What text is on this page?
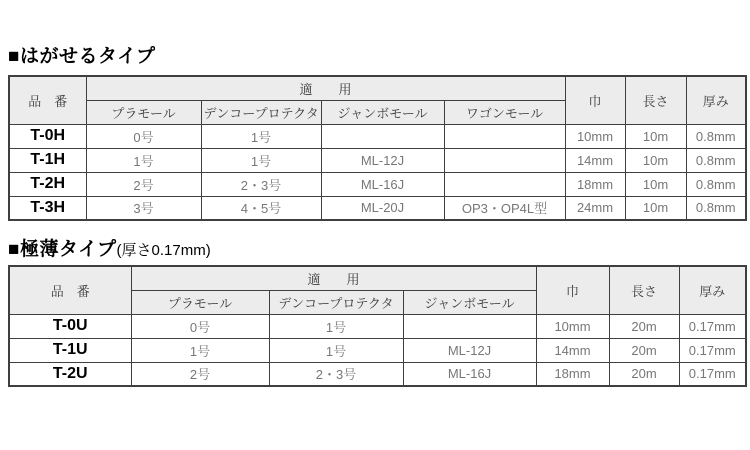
■はがせるタイプ
品　番	適　　用				巾	長さ	厚み
	プラモール	デンコープロテクタ	ジャンボモール	ワゴンモール			
T-0H	0号	1号			10mm	10m	0.8mm
T-1H	1号	1号	ML-12J		14mm	10m	0.8mm
T-2H	2号	2・3号	ML-16J		18mm	10m	0.8mm
T-3H	3号	4・5号	ML-20J	OP3・OP4L型	24mm	10m	0.8mm
■極薄タイプ(厚さ0.17mm)
品　番	適　　用			巾	長さ	厚み
	プラモール	デンコープロテクタ	ジャンボモール			
T-0U	0号	1号		10mm	20m	0.17mm
T-1U	1号	1号	ML-12J	14mm	20m	0.17mm
T-2U	2号	2・3号	ML-16J	18mm	20m	0.17mm
